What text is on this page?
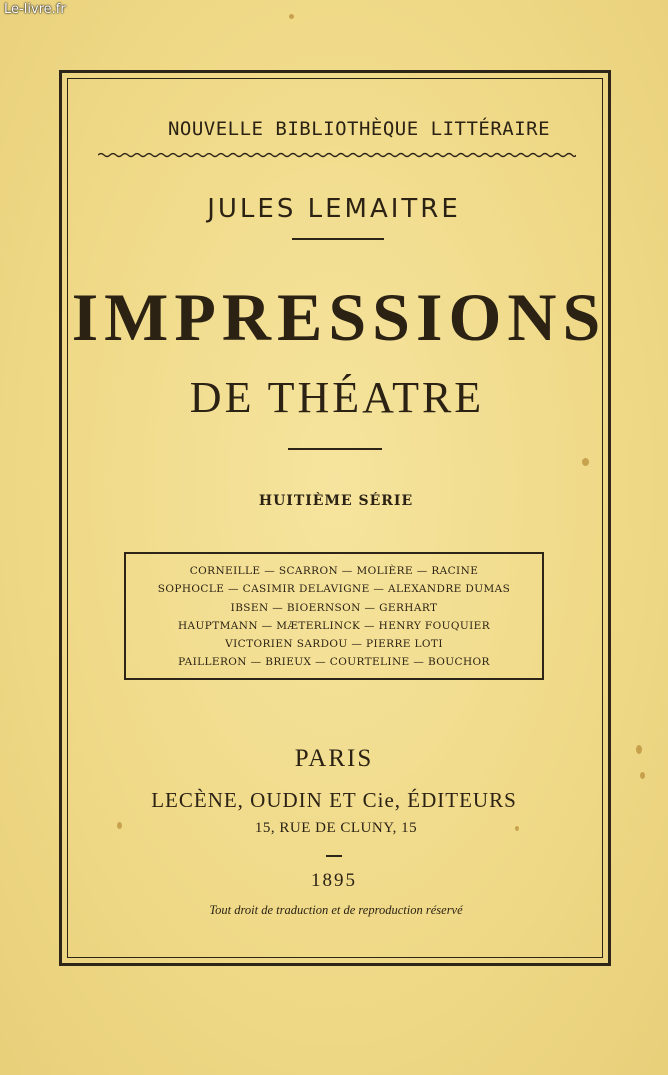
Le-livre.fr
NOUVELLE BIBLIOTHÈQUE LITTÉRAIRE
JULES LEMAITRE
IMPRESSIONS
DE THÉATRE
HUITIÈME SÉRIE
CORNEILLE — SCARRON — MOLIÈRE — RACINE
SOPHOCLE — CASIMIR DELAVIGNE — ALEXANDRE DUMAS
IBSEN — BIOERNSON — GERHART
HAUPTMANN — MÆTERLINCK — HENRY FOUQUIER
VICTORIEN SARDOU — PIERRE LOTI
PAILLERON — BRIEUX — COURTELINE — BOUCHOR
PARIS
LECÈNE, OUDIN ET Cie, ÉDITEURS
15, RUE DE CLUNY, 15
1895
Tout droit de traduction et de reproduction réservé
